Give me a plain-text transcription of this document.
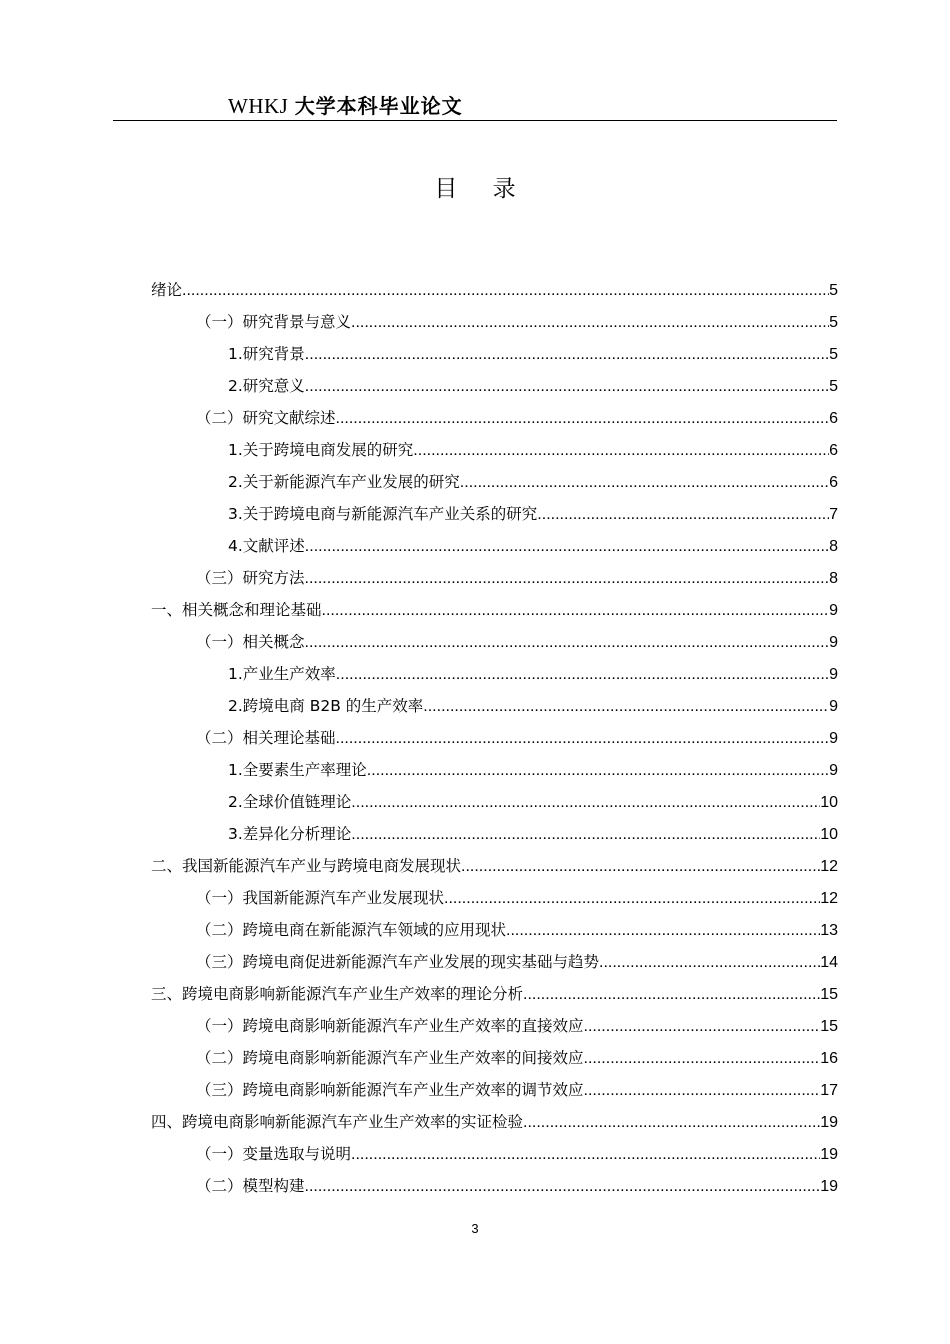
WHKJ 大学本科毕业论文
目 录
绪论 .....	5
（一）研究背景与意义 .....	5
1.研究背景 .....	5
2.研究意义 .....	5
（二）研究文献综述 .....	6
1.关于跨境电商发展的研究 .....	6
2.关于新能源汽车产业发展的研究 .....	6
3.关于跨境电商与新能源汽车产业关系的研究 .....	7
4.文献评述 .....	8
（三）研究方法 .....	8
一、相关概念和理论基础 .....	9
（一）相关概念 .....	9
1.产业生产效率 .....	9
2.跨境电商 B2B 的生产效率 .....	9
（二）相关理论基础 .....	9
1.全要素生产率理论 .....	9
2.全球价值链理论 .....	10
3.差异化分析理论 .....	10
二、我国新能源汽车产业与跨境电商发展现状 .....	12
（一）我国新能源汽车产业发展现状 .....	12
（二）跨境电商在新能源汽车领域的应用现状 .....	13
（三）跨境电商促进新能源汽车产业发展的现实基础与趋势 .....	14
三、跨境电商影响新能源汽车产业生产效率的理论分析 .....	15
（一）跨境电商影响新能源汽车产业生产效率的直接效应 .....	15
（二）跨境电商影响新能源汽车产业生产效率的间接效应 .....	16
（三）跨境电商影响新能源汽车产业生产效率的调节效应 .....	17
四、跨境电商影响新能源汽车产业生产效率的实证检验 .....	19
（一）变量选取与说明 .....	19
（二）模型构建 .....	19
3
